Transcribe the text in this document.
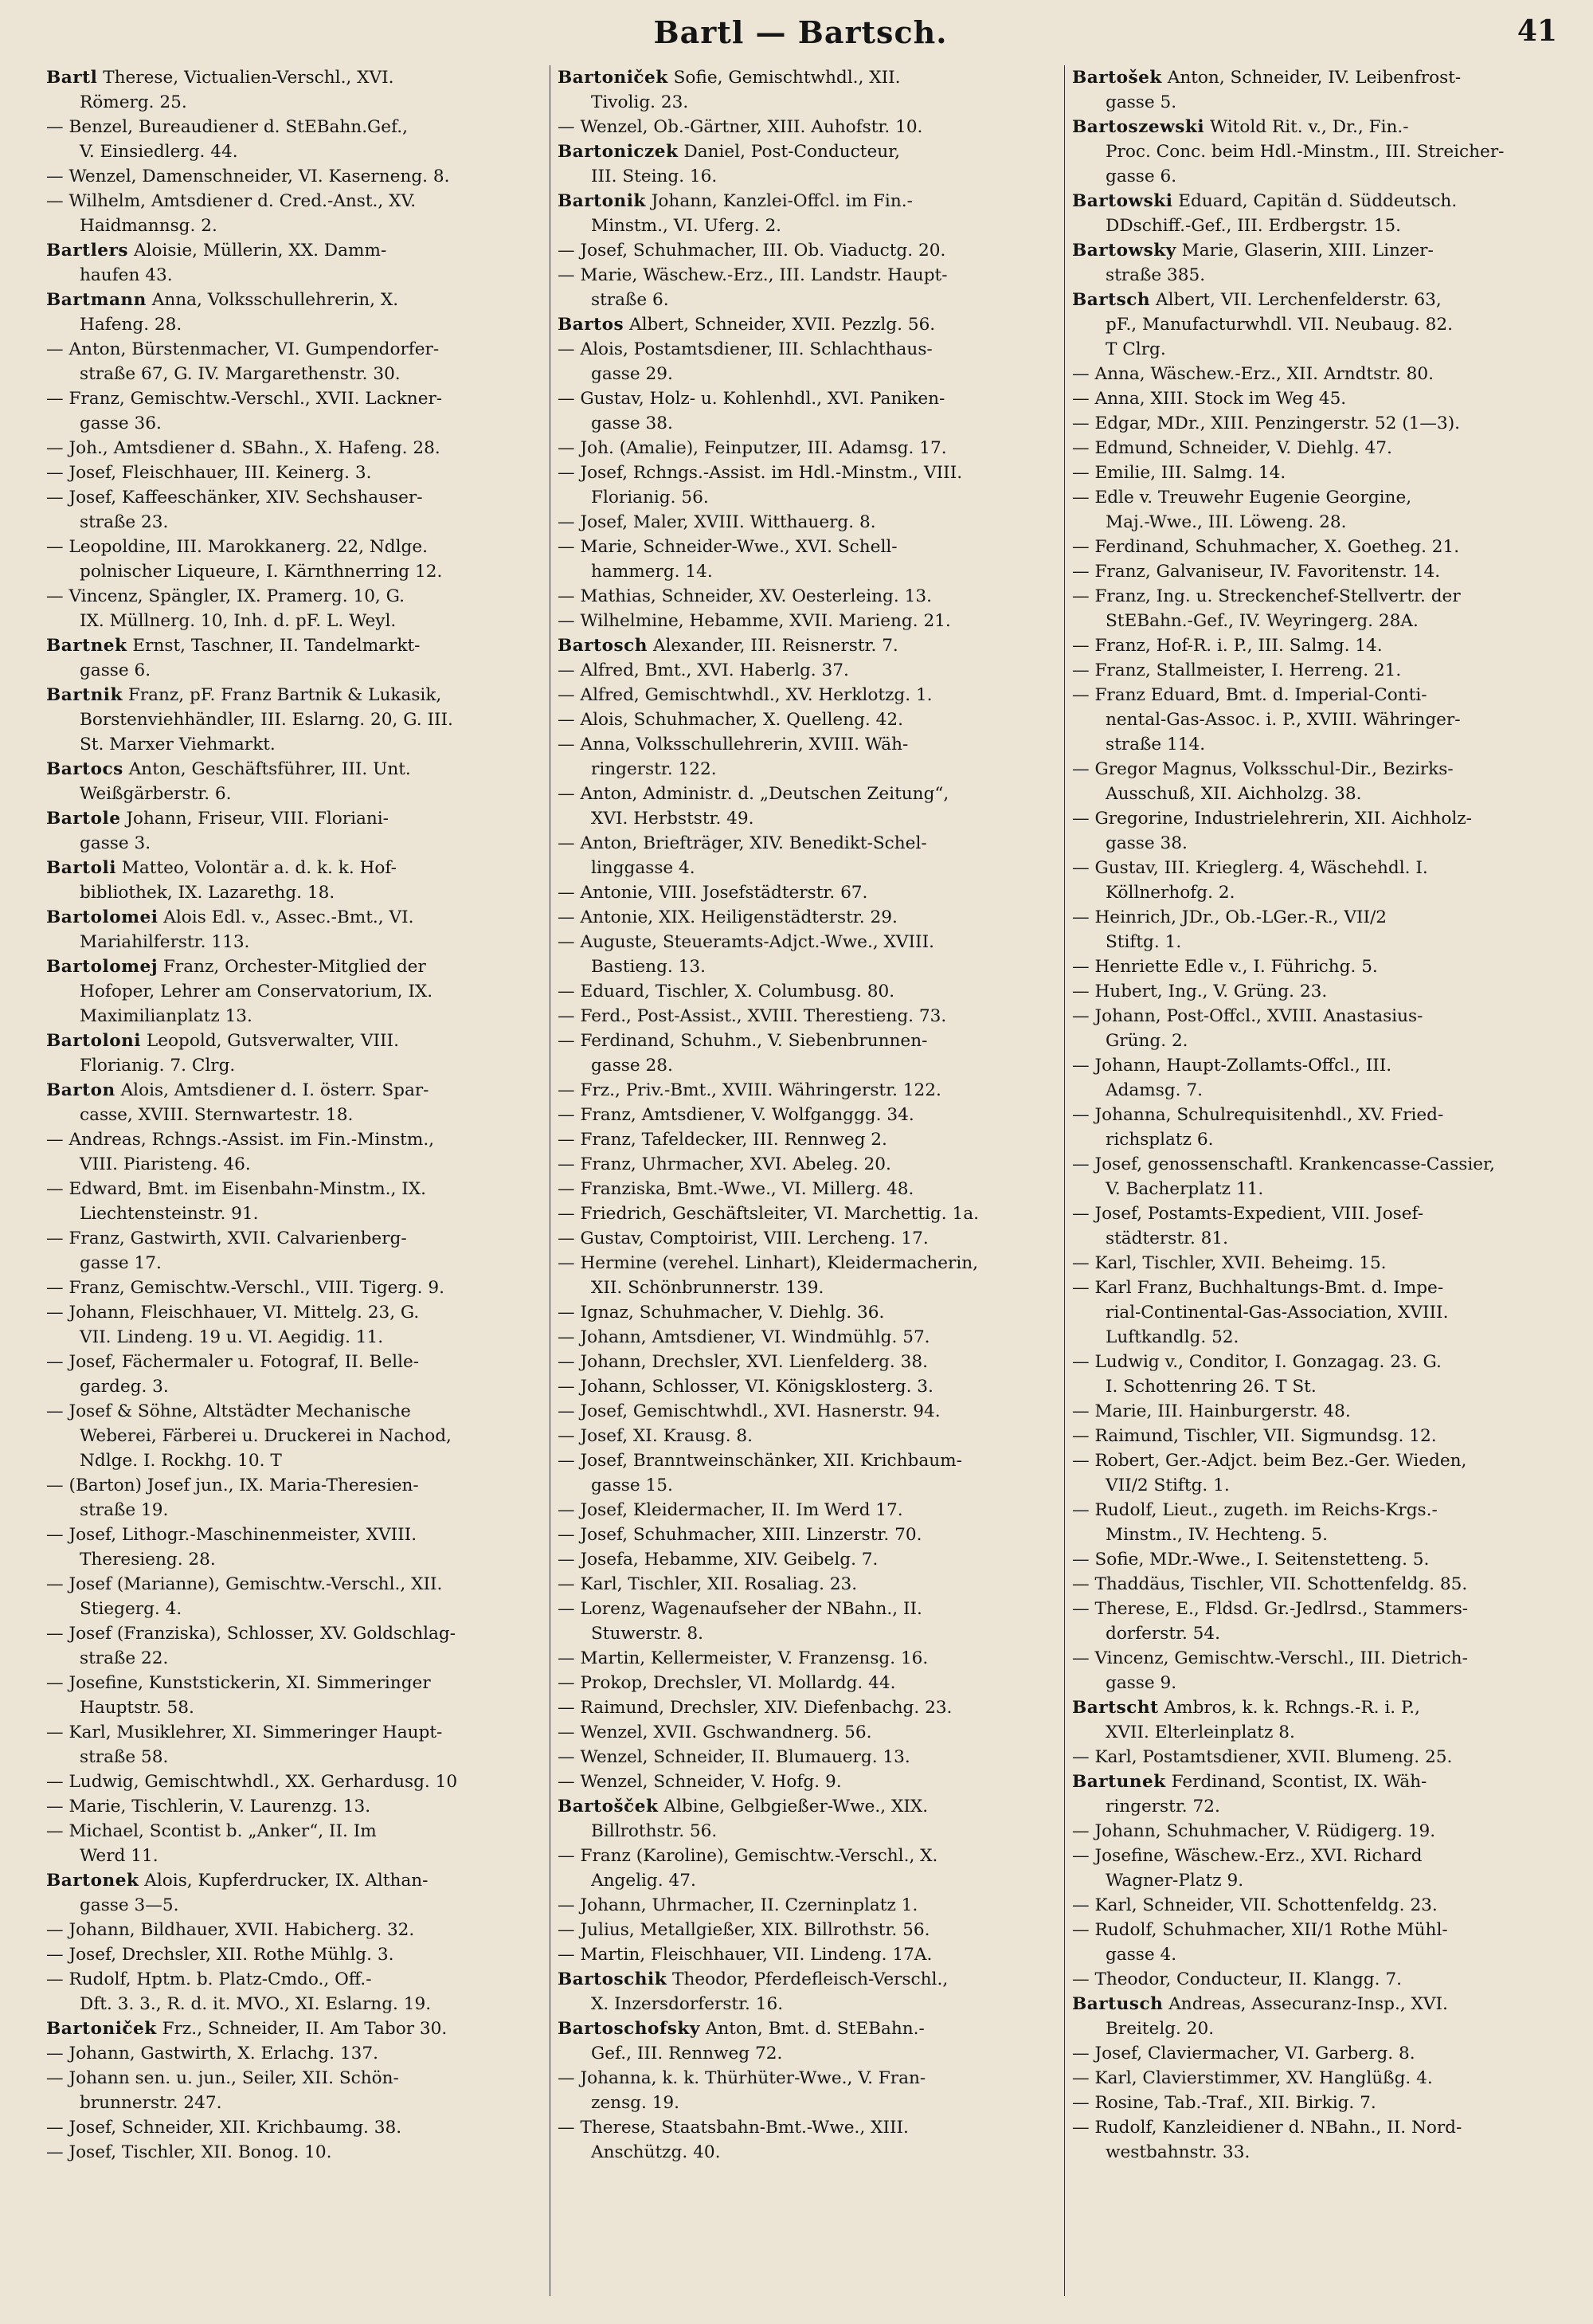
Bartl — Bartsch.	41
Bartl Therese, Victualien-Verschl., XVI.
Römerg. 25.
— Benzel, Bureaudiener d. StEBahn.Gef.,
V. Einsiedlerg. 44.
— Wenzel, Damenschneider, VI. Kaserneng. 8.
— Wilhelm, Amtsdiener d. Cred.-Anst., XV.
Haidmannsg. 2.
Bartlers Aloisie, Müllerin, XX. Damm-
haufen 43.
Bartmann Anna, Volksschullehrerin, X.
Hafeng. 28.
— Anton, Bürstenmacher, VI. Gumpendorfer-
straße 67, G. IV. Margarethenstr. 30.
— Franz, Gemischtw.-Verschl., XVII. Lackner-
gasse 36.
— Joh., Amtsdiener d. SBahn., X. Hafeng. 28.
— Josef, Fleischhauer, III. Keinerg. 3.
— Josef, Kaffeeschänker, XIV. Sechshauser-
straße 23.
— Leopoldine, III. Marokkanerg. 22, Ndlge.
polnischer Liqueure, I. Kärnthnerring 12.
— Vincenz, Spängler, IX. Pramerg. 10, G.
IX. Müllnerg. 10, Inh. d. pF. L. Weyl.
Bartnek Ernst, Taschner, II. Tandelmarkt-
gasse 6.
Bartnik Franz, pF. Franz Bartnik & Lukasik,
Borstenviehhändler, III. Eslarng. 20, G. III.
St. Marxer Viehmarkt.
Bartocs Anton, Geschäftsführer, III. Unt.
Weißgärberstr. 6.
Bartole Johann, Friseur, VIII. Floriani-
gasse 3.
Bartoli Matteo, Volontär a. d. k. k. Hof-
bibliothek, IX. Lazarethg. 18.
Bartolomei Alois Edl. v., Assec.-Bmt., VI.
Mariahilferstr. 113.
Bartolomej Franz, Orchester-Mitglied der
Hofoper, Lehrer am Conservatorium, IX.
Maximilianplatz 13.
Bartoloni Leopold, Gutsverwalter, VIII.
Florianig. 7. Clrg.
Barton Alois, Amtsdiener d. I. österr. Spar-
casse, XVIII. Sternwartestr. 18.
— Andreas, Rchngs.-Assist. im Fin.-Minstm.,
VIII. Piaristeng. 46.
— Edward, Bmt. im Eisenbahn-Minstm., IX.
Liechtensteinstr. 91.
— Franz, Gastwirth, XVII. Calvarienberg-
gasse 17.
— Franz, Gemischtw.-Verschl., VIII. Tigerg. 9.
— Johann, Fleischhauer, VI. Mittelg. 23, G.
VII. Lindeng. 19 u. VI. Aegidig. 11.
— Josef, Fächermaler u. Fotograf, II. Belle-
gardeg. 3.
— Josef & Söhne, Altstädter Mechanische
Weberei, Färberei u. Druckerei in Nachod,
Ndlge. I. Rockhg. 10. T
— (Barton) Josef jun., IX. Maria-Theresien-
straße 19.
— Josef, Lithogr.-Maschinenmeister, XVIII.
Theresieng. 28.
— Josef (Marianne), Gemischtw.-Verschl., XII.
Stiegerg. 4.
— Josef (Franziska), Schlosser, XV. Goldschlag-
straße 22.
— Josefine, Kunststickerin, XI. Simmeringer
Hauptstr. 58.
— Karl, Musiklehrer, XI. Simmeringer Haupt-
straße 58.
— Ludwig, Gemischtwhdl., XX. Gerhardusg. 10
— Marie, Tischlerin, V. Laurenzg. 13.
— Michael, Scontist b. „Anker“, II. Im
Werd 11.
Bartonek Alois, Kupferdrucker, IX. Althan-
gasse 3—5.
— Johann, Bildhauer, XVII. Habicherg. 32.
— Josef, Drechsler, XII. Rothe Mühlg. 3.
— Rudolf, Hptm. b. Platz-Cmdo., Off.-
Dft. 3. 3., R. d. it. MVO., XI. Eslarng. 19.
Bartoniček Frz., Schneider, II. Am Tabor 30.
— Johann, Gastwirth, X. Erlachg. 137.
— Johann sen. u. jun., Seiler, XII. Schön-
brunnerstr. 247.
— Josef, Schneider, XII. Krichbaumg. 38.
— Josef, Tischler, XII. Bonog. 10.
Bartoniček Sofie, Gemischtwhdl., XII.
Tivolig. 23.
— Wenzel, Ob.-Gärtner, XIII. Auhofstr. 10.
Bartoniczek Daniel, Post-Conducteur,
III. Steing. 16.
Bartonik Johann, Kanzlei-Offcl. im Fin.-
Minstm., VI. Uferg. 2.
— Josef, Schuhmacher, III. Ob. Viaductg. 20.
— Marie, Wäschew.-Erz., III. Landstr. Haupt-
straße 6.
Bartos Albert, Schneider, XVII. Pezzlg. 56.
— Alois, Postamtsdiener, III. Schlachthaus-
gasse 29.
— Gustav, Holz- u. Kohlenhdl., XVI. Paniken-
gasse 38.
— Joh. (Amalie), Feinputzer, III. Adamsg. 17.
— Josef, Rchngs.-Assist. im Hdl.-Minstm., VIII.
Florianig. 56.
— Josef, Maler, XVIII. Witthauerg. 8.
— Marie, Schneider-Wwe., XVI. Schell-
hammerg. 14.
— Mathias, Schneider, XV. Oesterleing. 13.
— Wilhelmine, Hebamme, XVII. Marieng. 21.
Bartosch Alexander, III. Reisnerstr. 7.
— Alfred, Bmt., XVI. Haberlg. 37.
— Alfred, Gemischtwhdl., XV. Herklotzg. 1.
— Alois, Schuhmacher, X. Quelleng. 42.
— Anna, Volksschullehrerin, XVIII. Wäh-
ringerstr. 122.
— Anton, Administr. d. „Deutschen Zeitung“,
XVI. Herbststr. 49.
— Anton, Briefträger, XIV. Benedikt-Schel-
linggasse 4.
— Antonie, VIII. Josefstädterstr. 67.
— Antonie, XIX. Heiligenstädterstr. 29.
— Auguste, Steueramts-Adjct.-Wwe., XVIII.
Bastieng. 13.
— Eduard, Tischler, X. Columbusg. 80.
— Ferd., Post-Assist., XVIII. Therestieng. 73.
— Ferdinand, Schuhm., V. Siebenbrunnen-
gasse 28.
— Frz., Priv.-Bmt., XVIII. Währingerstr. 122.
— Franz, Amtsdiener, V. Wolfganggg. 34.
— Franz, Tafeldecker, III. Rennweg 2.
— Franz, Uhrmacher, XVI. Abeleg. 20.
— Franziska, Bmt.-Wwe., VI. Millerg. 48.
— Friedrich, Geschäftsleiter, VI. Marchettig. 1a.
— Gustav, Comptoirist, VIII. Lercheng. 17.
— Hermine (verehel. Linhart), Kleidermacherin,
XII. Schönbrunnerstr. 139.
— Ignaz, Schuhmacher, V. Diehlg. 36.
— Johann, Amtsdiener, VI. Windmühlg. 57.
— Johann, Drechsler, XVI. Lienfelderg. 38.
— Johann, Schlosser, VI. Königsklosterg. 3.
— Josef, Gemischtwhdl., XVI. Hasnerstr. 94.
— Josef, XI. Krausg. 8.
— Josef, Branntweinschänker, XII. Krichbaum-
gasse 15.
— Josef, Kleidermacher, II. Im Werd 17.
— Josef, Schuhmacher, XIII. Linzerstr. 70.
— Josefa, Hebamme, XIV. Geibelg. 7.
— Karl, Tischler, XII. Rosaliag. 23.
— Lorenz, Wagenaufseher der NBahn., II.
Stuwerstr. 8.
— Martin, Kellermeister, V. Franzensg. 16.
— Prokop, Drechsler, VI. Mollardg. 44.
— Raimund, Drechsler, XIV. Diefenbachg. 23.
— Wenzel, XVII. Gschwandnerg. 56.
— Wenzel, Schneider, II. Blumauerg. 13.
— Wenzel, Schneider, V. Hofg. 9.
Bartošček Albine, Gelbgießer-Wwe., XIX.
Billrothstr. 56.
— Franz (Karoline), Gemischtw.-Verschl., X.
Angelig. 47.
— Johann, Uhrmacher, II. Czerninplatz 1.
— Julius, Metallgießer, XIX. Billrothstr. 56.
— Martin, Fleischhauer, VII. Lindeng. 17A.
Bartoschik Theodor, Pferdefleisch-Verschl.,
X. Inzersdorferstr. 16.
Bartoschofsky Anton, Bmt. d. StEBahn.-
Gef., III. Rennweg 72.
— Johanna, k. k. Thürhüter-Wwe., V. Fran-
zensg. 19.
— Therese, Staatsbahn-Bmt.-Wwe., XIII.
Anschützg. 40.
Bartošek Anton, Schneider, IV. Leibenfrost-
gasse 5.
Bartoszewski Witold Rit. v., Dr., Fin.-
Proc. Conc. beim Hdl.-Minstm., III. Streicher-
gasse 6.
Bartowski Eduard, Capitän d. Süddeutsch.
DDschiff.-Gef., III. Erdbergstr. 15.
Bartowsky Marie, Glaserin, XIII. Linzer-
straße 385.
Bartsch Albert, VII. Lerchenfelderstr. 63,
pF., Manufacturwhdl. VII. Neubaug. 82.
T Clrg.
— Anna, Wäschew.-Erz., XII. Arndtstr. 80.
— Anna, XIII. Stock im Weg 45.
— Edgar, MDr., XIII. Penzingerstr. 52 (1—3).
— Edmund, Schneider, V. Diehlg. 47.
— Emilie, III. Salmg. 14.
— Edle v. Treuwehr Eugenie Georgine,
Maj.-Wwe., III. Löweng. 28.
— Ferdinand, Schuhmacher, X. Goetheg. 21.
— Franz, Galvaniseur, IV. Favoritenstr. 14.
— Franz, Ing. u. Streckenchef-Stellvertr. der
StEBahn.-Gef., IV. Weyringerg. 28A.
— Franz, Hof-R. i. P., III. Salmg. 14.
— Franz, Stallmeister, I. Herreng. 21.
— Franz Eduard, Bmt. d. Imperial-Conti-
nental-Gas-Assoc. i. P., XVIII. Währinger-
straße 114.
— Gregor Magnus, Volksschul-Dir., Bezirks-
Ausschuß, XII. Aichholzg. 38.
— Gregorine, Industrielehrerin, XII. Aichholz-
gasse 38.
— Gustav, III. Krieglerg. 4, Wäschehdl. I.
Köllnerhofg. 2.
— Heinrich, JDr., Ob.-LGer.-R., VII/2
Stiftg. 1.
— Henriette Edle v., I. Führichg. 5.
— Hubert, Ing., V. Grüng. 23.
— Johann, Post-Offcl., XVIII. Anastasius-
Grüng. 2.
— Johann, Haupt-Zollamts-Offcl., III.
Adamsg. 7.
— Johanna, Schulrequisitenhdl., XV. Fried-
richsplatz 6.
— Josef, genossenschaftl. Krankencasse-Cassier,
V. Bacherplatz 11.
— Josef, Postamts-Expedient, VIII. Josef-
städterstr. 81.
— Karl, Tischler, XVII. Beheimg. 15.
— Karl Franz, Buchhaltungs-Bmt. d. Impe-
rial-Continental-Gas-Association, XVIII.
Luftkandlg. 52.
— Ludwig v., Conditor, I. Gonzagag. 23. G.
I. Schottenring 26. T St.
— Marie, III. Hainburgerstr. 48.
— Raimund, Tischler, VII. Sigmundsg. 12.
— Robert, Ger.-Adjct. beim Bez.-Ger. Wieden,
VII/2 Stiftg. 1.
— Rudolf, Lieut., zugeth. im Reichs-Krgs.-
Minstm., IV. Hechteng. 5.
— Sofie, MDr.-Wwe., I. Seitenstetteng. 5.
— Thaddäus, Tischler, VII. Schottenfeldg. 85.
— Therese, E., Fldsd. Gr.-Jedlrsd., Stammers-
dorferstr. 54.
— Vincenz, Gemischtw.-Verschl., III. Dietrich-
gasse 9.
Bartscht Ambros, k. k. Rchngs.-R. i. P.,
XVII. Elterleinplatz 8.
— Karl, Postamtsdiener, XVII. Blumeng. 25.
Bartunek Ferdinand, Scontist, IX. Wäh-
ringerstr. 72.
— Johann, Schuhmacher, V. Rüdigerg. 19.
— Josefine, Wäschew.-Erz., XVI. Richard
Wagner-Platz 9.
— Karl, Schneider, VII. Schottenfeldg. 23.
— Rudolf, Schuhmacher, XII/1 Rothe Mühl-
gasse 4.
— Theodor, Conducteur, II. Klangg. 7.
Bartusch Andreas, Assecuranz-Insp., XVI.
Breitelg. 20.
— Josef, Claviermacher, VI. Garberg. 8.
— Karl, Clavierstimmer, XV. Hanglüßg. 4.
— Rosine, Tab.-Traf., XII. Birkig. 7.
— Rudolf, Kanzleidiener d. NBahn., II. Nord-
westbahnstr. 33.
